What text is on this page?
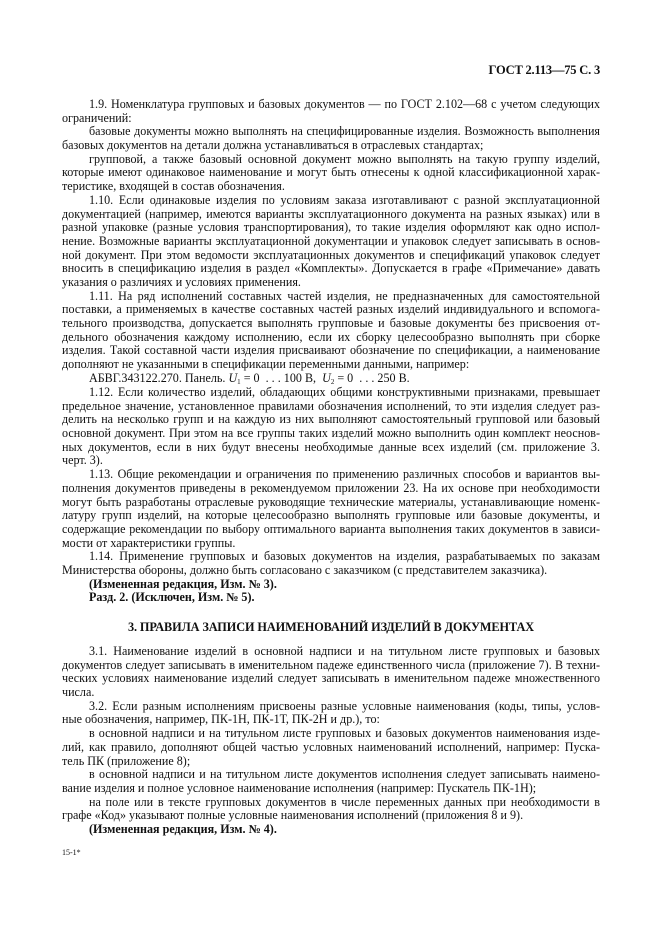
ГОСТ 2.113—75 С. 3
1.9. Номенклатура групповых и базовых документов — по ГОСТ 2.102—68 с учетом следующих
ограничений:
базовые документы можно выполнять на специфицированные изделия. Возможность выполнения
базовых документов на детали должна устанавливаться в отраслевых стандартах;
групповой, а также базовый основной документ можно выполнять на такую группу изделий,
которые имеют одинаковое наименование и могут быть отнесены к одной классификационной харак-
теристике, входящей в состав обозначения.
1.10. Если одинаковые изделия по условиям заказа изготавливают с разной эксплуатационной
документацией (например, имеются варианты эксплуатационного документа на разных языках) или в
разной упаковке (разные условия транспортирования), то такие изделия оформляют как одно испол-
нение. Возможные варианты эксплуатационной документации и упаковок следует записывать в основ-
ной документ. При этом ведомости эксплуатационных документов и спецификаций упаковок следует
вносить в спецификацию изделия в раздел «Комплекты». Допускается в графе «Примечание» давать
указания о различиях и условиях применения.
1.11. На ряд исполнений составных частей изделия, не предназначенных для самостоятельной
поставки, а применяемых в качестве составных частей разных изделий индивидуального и вспомога-
тельного производства, допускается выполнять групповые и базовые документы без присвоения от-
дельного обозначения каждому исполнению, если их сборку целесообразно выполнять при сборке
изделия. Такой составной части изделия присваивают обозначение по спецификации, а наименование
дополняют не указанными в спецификации переменными данными, например:
АБВГ.343122.270. Панель. $U_1 = 0$  . . . 100 В,  $U_2 = 0$  . . . 250 В.
1.12. Если количество изделий, обладающих общими конструктивными признаками, превышает
предельное значение, установленное правилами обозначения исполнений, то эти изделия следует раз-
делить на несколько групп и на каждую из них выполняют самостоятельный групповой или базовый
основной документ. При этом на все группы таких изделий можно выполнить один комплект неоснов-
ных документов, если в них будут внесены необходимые данные всех изделий (см. приложение 3.
черт. 3).
1.13. Общие рекомендации и ограничения по применению различных способов и вариантов вы-
полнения документов приведены в рекомендуемом приложении 23. На их основе при необходимости
могут быть разработаны отраслевые руководящие технические материалы, устанавливающие номенк-
латуру групп изделий, на которые целесообразно выполнять групповые или базовые документы, и
содержащие рекомендации по выбору оптимального варианта выполнения таких документов в зависи-
мости от характеристики группы.
1.14. Применение групповых и базовых документов на изделия, разрабатываемых по заказам
Министерства обороны, должно быть согласовано с заказчиком (с представителем заказчика).
(Измененная редакция, Изм. № 3).
Разд. 2. (Исключен, Изм. № 5).
3. ПРАВИЛА ЗАПИСИ НАИМЕНОВАНИЙ ИЗДЕЛИЙ В ДОКУМЕНТАХ
3.1. Наименование изделий в основной надписи и на титульном листе групповых и базовых
документов следует записывать в именительном падеже единственного числа (приложение 7). В техни-
ческих условиях наименование изделий следует записывать в именительном падеже множественного
числа.
3.2. Если разным исполнениям присвоены разные условные наименования (коды, типы, услов-
ные обозначения, например, ПК-1Н, ПК-1Т, ПК-2Н и др.), то:
в основной надписи и на титульном листе групповых и базовых документов наименования изде-
лий, как правило, дополняют общей частью условных наименований исполнений, например: Пуска-
тель ПК (приложение 8);
в основной надписи и на титульном листе документов исполнения следует записывать наимено-
вание изделия и полное условное наименование исполнения (например: Пускатель ПК-1Н);
на поле или в тексте групповых документов в числе переменных данных при необходимости в
графе «Код» указывают полные условные наименования исполнений (приложения 8 и 9).
(Измененная редакция, Изм. № 4).
15-1*
